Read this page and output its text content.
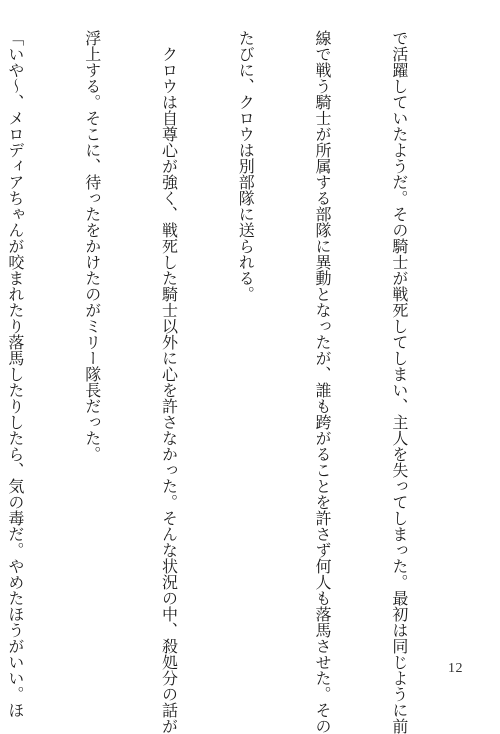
で活躍していたようだ。その騎士が戦死してしまい、主人を失ってしまった。最初は同じように前

線で戦う騎士が所属する部隊に異動となったが、誰も跨がることを許さず何人も落馬させた。その

たびに、クロウは別部隊に送られる。

　クロウは自尊心が強く、戦死した騎士以外に心を許さなかった。そんな状況の中、殺処分の話が

浮上する。そこに、待ったをかけたのがミリー隊長だった。

「いや～、メロディアちゃんが咬まれたり落馬したりしたら、気の毒だ。やめたほうがいい。ほ

	12
